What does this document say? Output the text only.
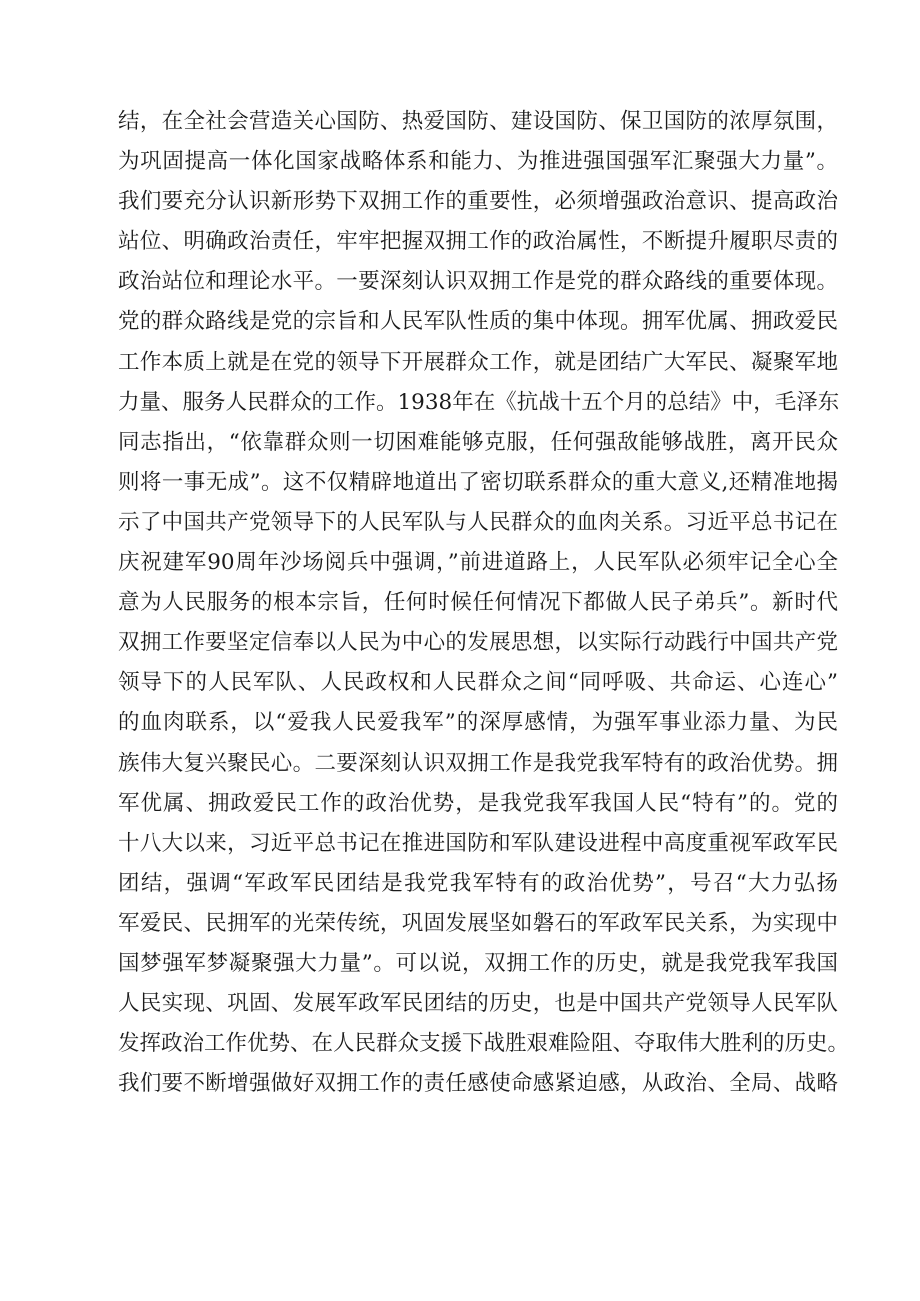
结，在全社会营造关心国防、热爱国防、建设国防、保卫国防的浓厚氛围，
为巩固提高一体化国家战略体系和能力、为推进强国强军汇聚强大力量”。
我们要充分认识新形势下双拥工作的重要性，必须增强政治意识、提高政治
站位、明确政治责任，牢牢把握双拥工作的政治属性，不断提升履职尽责的
政治站位和理论水平。一要深刻认识双拥工作是党的群众路线的重要体现。
党的群众路线是党的宗旨和人民军队性质的集中体现。拥军优属、拥政爱民
工作本质上就是在党的领导下开展群众工作，就是团结广大军民、凝聚军地
力量、服务人民群众的工作。1938年在《抗战十五个月的总结》中，毛泽东
同志指出，“依靠群众则一切困难能够克服，任何强敌能够战胜，离开民众
则将一事无成”。这不仅精辟地道出了密切联系群众的重大意义,还精准地揭
示了中国共产党领导下的人民军队与人民群众的血肉关系。习近平总书记在
庆祝建军90周年沙场阅兵中强调，”前进道路上，人民军队必须牢记全心全
意为人民服务的根本宗旨，任何时候任何情况下都做人民子弟兵”。新时代
双拥工作要坚定信奉以人民为中心的发展思想，以实际行动践行中国共产党
领导下的人民军队、人民政权和人民群众之间“同呼吸、共命运、心连心”
的血肉联系，以“爱我人民爱我军”的深厚感情，为强军事业添力量、为民
族伟大复兴聚民心。二要深刻认识双拥工作是我党我军特有的政治优势。拥
军优属、拥政爱民工作的政治优势，是我党我军我国人民“特有”的。党的
十八大以来，习近平总书记在推进国防和军队建设进程中高度重视军政军民
团结，强调“军政军民团结是我党我军特有的政治优势”，号召“大力弘扬
军爱民、民拥军的光荣传统，巩固发展坚如磐石的军政军民关系，为实现中
国梦强军梦凝聚强大力量”。可以说，双拥工作的历史，就是我党我军我国
人民实现、巩固、发展军政军民团结的历史，也是中国共产党领导人民军队
发挥政治工作优势、在人民群众支援下战胜艰难险阻、夺取伟大胜利的历史。
我们要不断增强做好双拥工作的责任感使命感紧迫感，从政治、全局、战略
